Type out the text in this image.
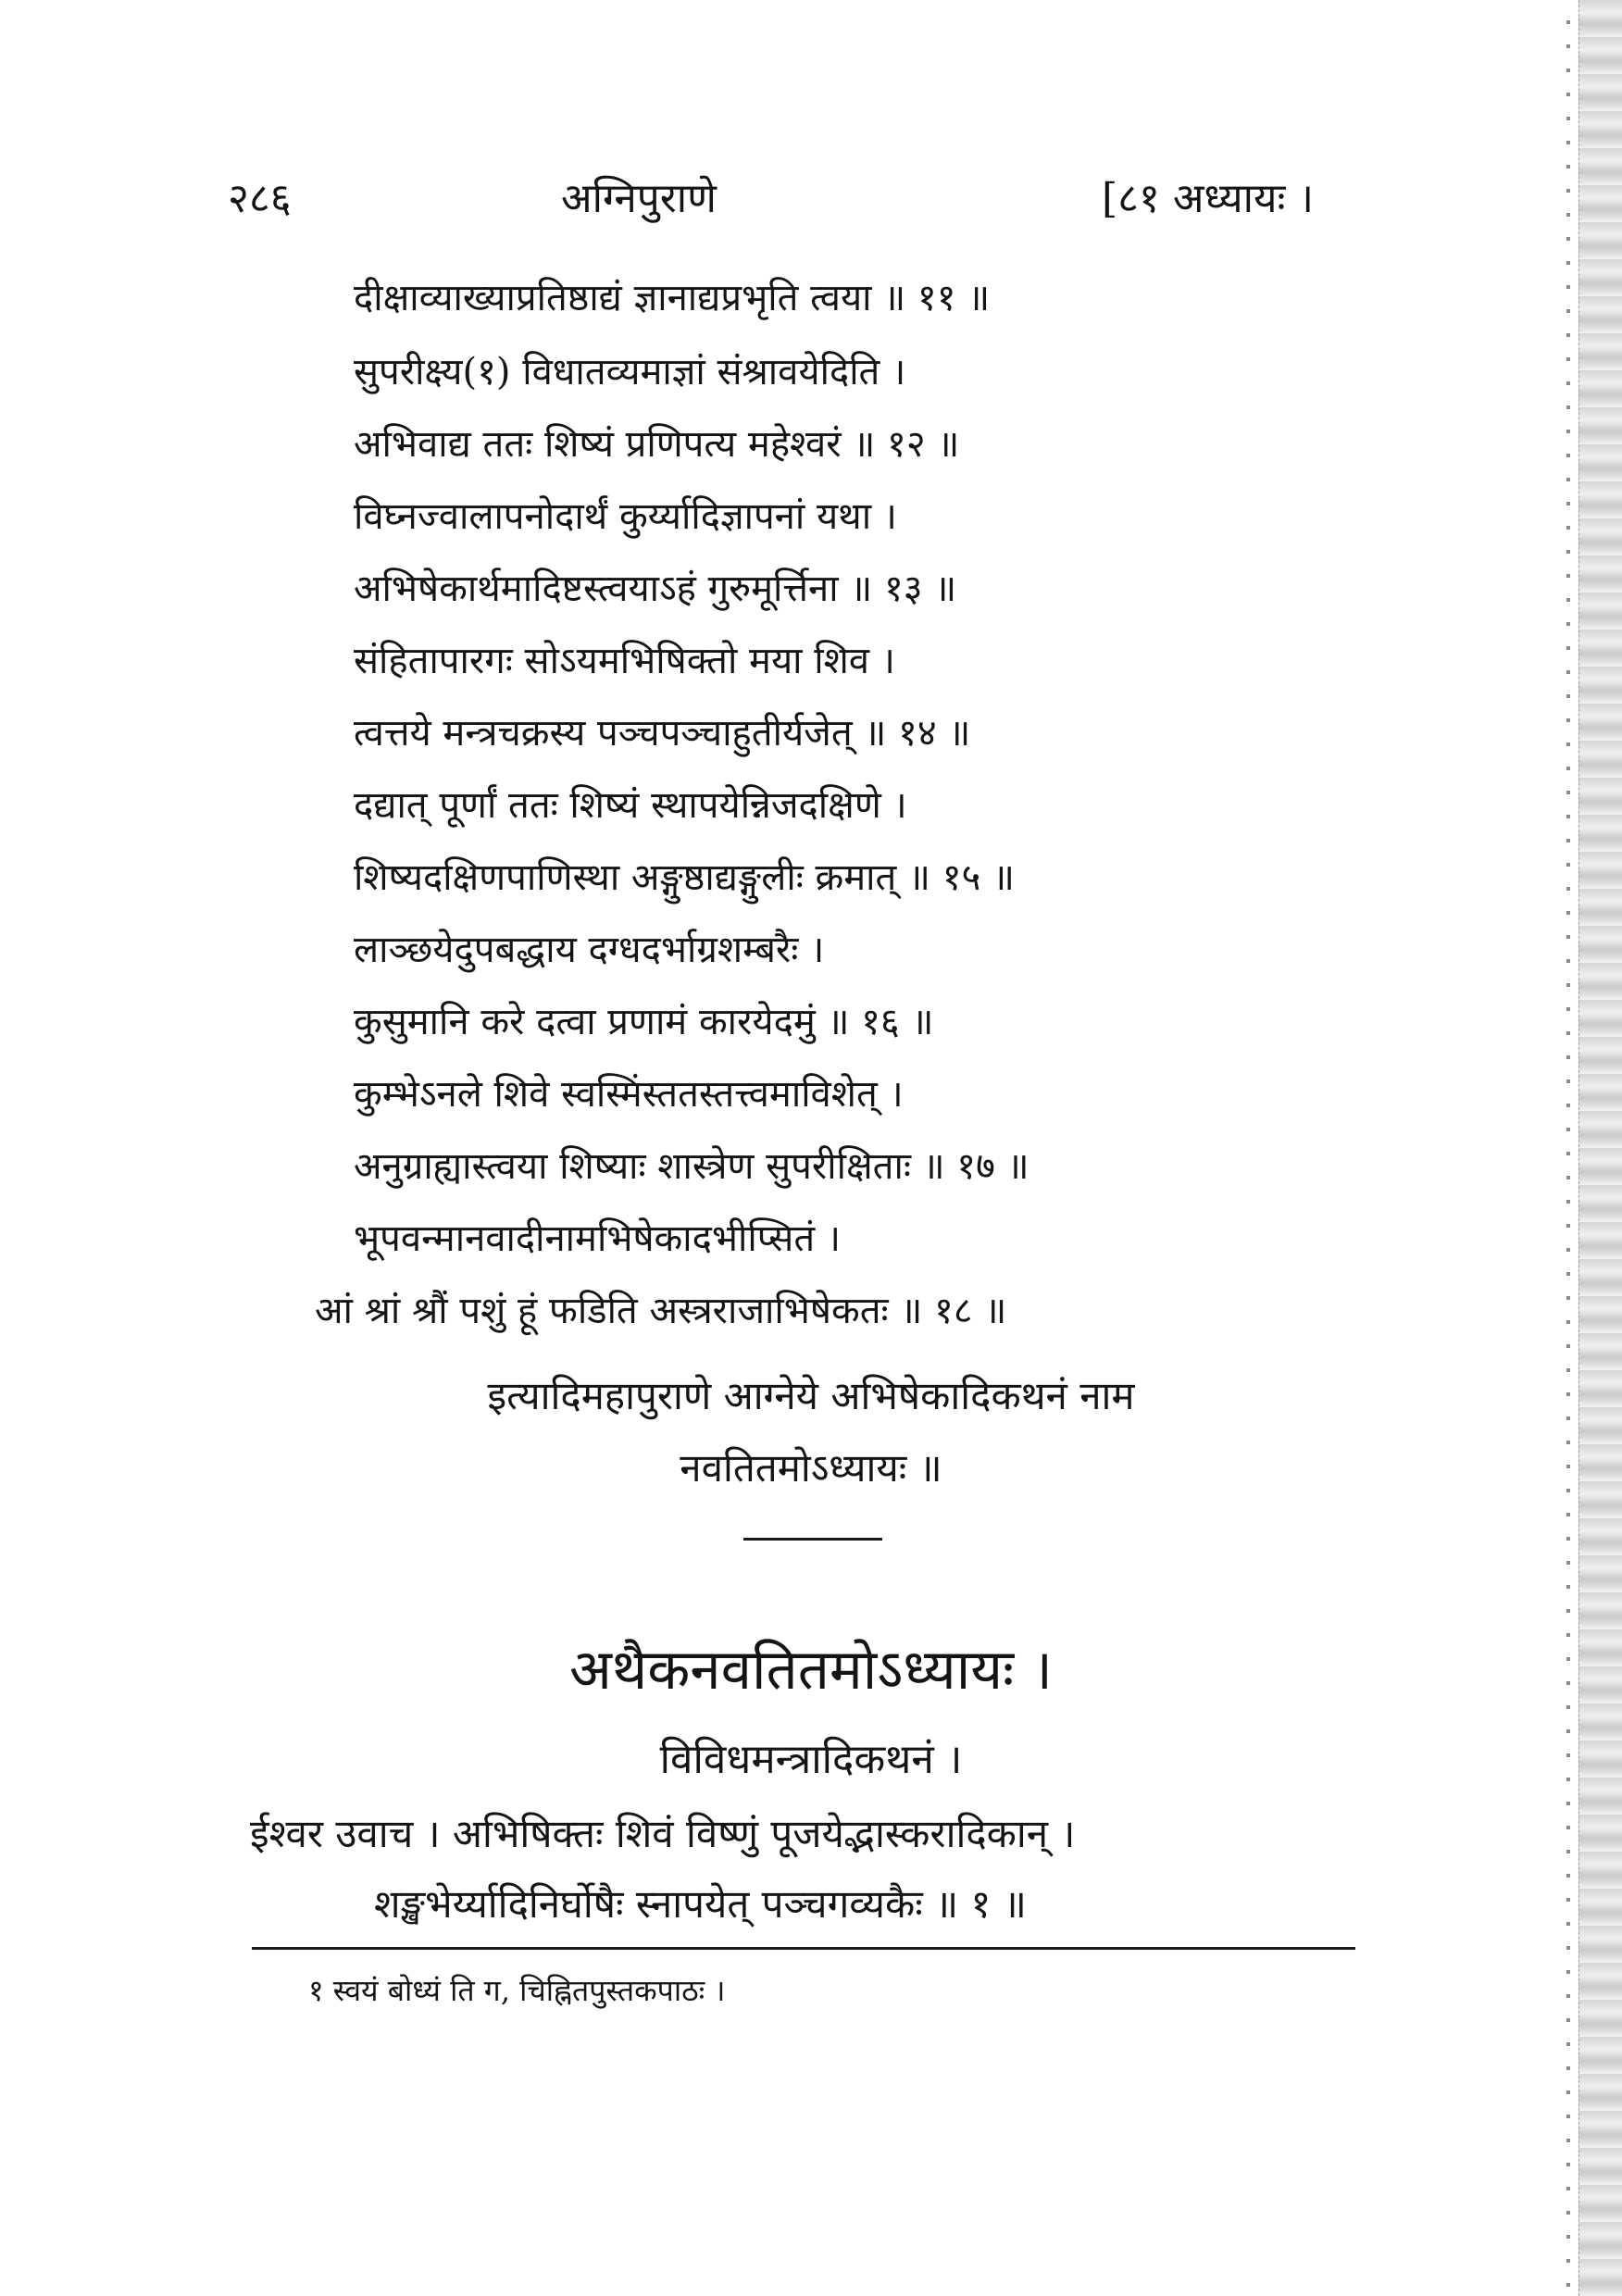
२८६	अग्निपुराणे	[८१ अध्यायः ।
दीक्षाव्याख्याप्रतिष्ठाद्यं ज्ञानाद्यप्रभृति त्वया ॥ ११ ॥
सुपरीक्ष्य(१) विधातव्यमाज्ञां संश्रावयेदिति ।
अभिवाद्य ततः शिष्यं प्रणिपत्य महेश्वरं ॥ १२ ॥
विघ्नज्वालापनोदार्थं कुर्य्यादिज्ञापनां यथा ।
अभिषेकार्थमादिष्टस्त्वयाऽहं गुरुमूर्त्तिना ॥ १३ ॥
संहितापारगः सोऽयमभिषिक्तो मया शिव ।
त्वत्तये मन्त्रचक्रस्य पञ्चपञ्चाहुतीर्यजेत् ॥ १४ ॥
दद्यात् पूर्णां ततः शिष्यं स्थापयेन्निजदक्षिणे ।
शिष्यदक्षिणपाणिस्था अङ्गुष्ठाद्यङ्गुलीः क्रमात् ॥ १५ ॥
लाञ्छयेदुपबद्धाय दग्धदर्भाग्रशम्बरैः ।
कुसुमानि करे दत्वा प्रणामं कारयेदमुं ॥ १६ ॥
कुम्भेऽनले शिवे स्वस्मिंस्ततस्तत्त्वमाविशेत् ।
अनुग्राह्यास्त्वया शिष्याः शास्त्रेण सुपरीक्षिताः ॥ १७ ॥
भूपवन्मानवादीनामभिषेकादभीप्सितं ।
आं श्रां श्रौं पशुं हूं फडिति अस्त्रराजाभिषेकतः ॥ १८ ॥
इत्यादिमहापुराणे आग्नेये अभिषेकादिकथनं नाम
नवतितमोऽध्यायः ॥
अथैकनवतितमोऽध्यायः ।
विविधमन्त्रादिकथनं ।
ईश्वर उवाच । अभिषिक्तः शिवं विष्णुं पूजयेद्भास्करादिकान् ।
शङ्खभेर्य्यादिनिर्घोषैः स्नापयेत् पञ्चगव्यकैः ॥ १ ॥
१ स्वयं बोध्यं ति ग, चिह्नितपुस्तकपाठः ।
